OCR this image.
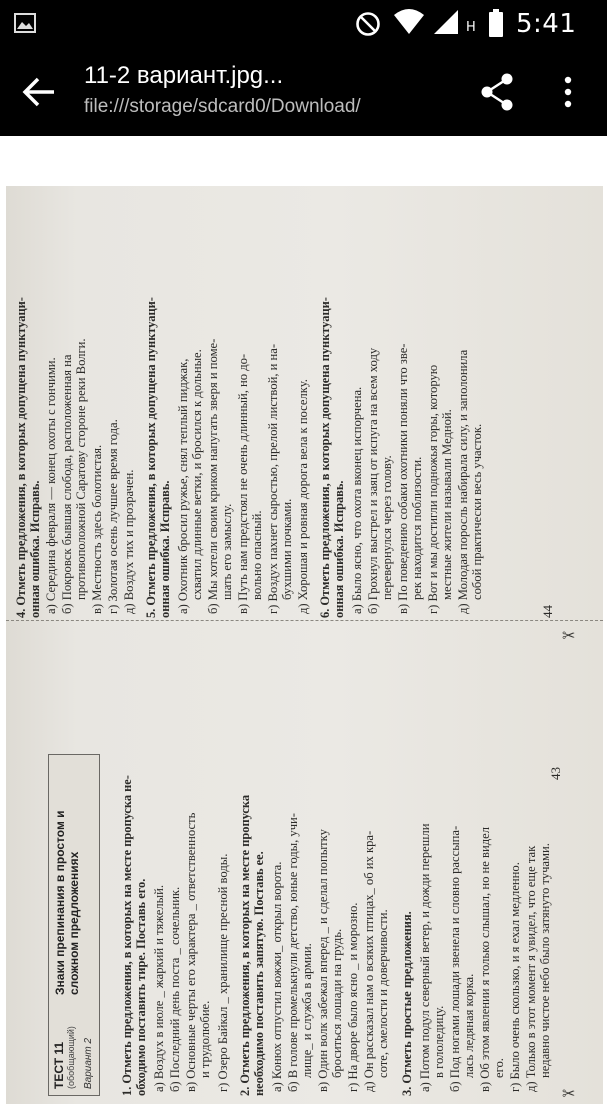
H 5:41
11-2 вариант.jpg...
file:///storage/sdcard0/Download/
4. Отметь предложения, в которых допущена пунктуаци- онная ошибка. Исправь. а) Середина февраля — конец охоты с гончими. б) Покровск бывшая слобода, расположенная на противоположной Саратову стороне реки Волги. в) Местность здесь болотистая. г) Золотая осень лучшее время года. д) Воздух тих и прозрачен. 5. Отметь предложения, в которых допущена пунктуаци- онная ошибка. Исправь. а) Охотник бросил ружье, снял теплый пиджак, схватил длинные ветки, и бросился к дольные. б) Мы хотели своим криком напугать зверя и поме- шать его замыслу. в) Путь нам предстоял не очень длинный, но до- вольно опасный. г) Воздух пахнет сыростью, прелой листвой, и на- бухшими почками. д) Хорошая и ровная дорога вела к поселку. 6. Отметь предложения, в которых допущена пунктуаци- онная ошибка. Исправь. а) Было ясно, что охота вконец испорчена. б) Грохнул выстрел и заяц от испуга на всем ходу перевернулся через голову. в) По поведению собаки охотники поняли что зве- рек находится поблизости. г) Вот и мы достигли подножья горы, которую местные жители называли Медной. д) Молодая поросль набирала силу, и заполонила собой практически весь участок.
44
ТЕСТ 11 (обобщающий) Вариант 2
Знаки препинания в простом и сложном предложениях	1. Отметь предложения, в которых на месте пропуска не- обходимо поставить тире. Поставь его. а) Воздух в июле _ жаркий и тяжелый. б) Последний день поста _ сочельник. в) Основные черты его характера _ ответственность и трудолюбие. г) Озеро Байкал _ хранилище пресной воды. 2. Отметь предложения, в которых на месте пропуска необходимо поставить запятую. Поставь ее. а) Конюх отпустил вожжи_ открыл ворота. б) В голове промелькнули детство, юные годы, учи- лище_ и служба в армии. в) Один волк забежал вперед _ и сделал попытку броситься лошади на грудь. г) На дворе было ясно _ и морозно. д) Он рассказал нам о всяких птицах_ об их кра- соте, смелости и доверчивости. 3. Отметь простые предложения. а) Потом подул северный ветер, и дожди перешли в гололедицу. б) Под ногами лошади звенела и словно рассыпа- лась ледяная корка. в) Об этом явлении я только слышал, но не видел его. г) Было очень скользко, и я ехал медленно. д) Только в этот момент я увидел, что еще так недавно чистое небо было затянуто тучами.
43
✂
✂
